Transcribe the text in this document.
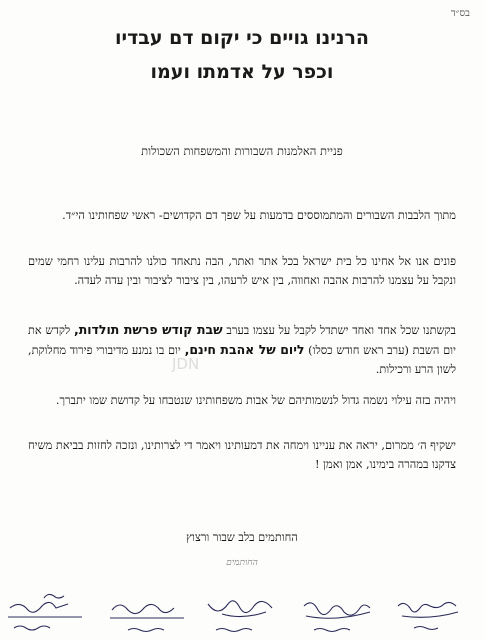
בס״ד
הרנינו גויים כי יקום דם עבדיו
וכפר על אדמתו ועמו
פניית האלמנות השבורות והמשפחות השכולות
מתוך הלבבות השבורים והמתמוססים בדמעות על שפך דם הקדושים- ראשי שפחותינו הי״ד.
פונים אנו אל אחינו כל בית ישראל בכל אתר ואתר, הבה נתאחד כולנו להרבות עלינו רחמי שמים ונקבל על עצמנו להרבות אהבה ואחווה, בין איש לרעהו, בין ציבור לציבור ובין עדה לעדה.
בקשתנו שכל אחד ואחד ישתדל לקבל על עצמו בערב שבת קודש פרשת תולדות, לקדש את יום השבת (ערב ראש חודש כסלו) ליום של אהבת חינם, יום בו נמנע מדיבורי פירוד מחלוקת, לשון הרע ורכילות.
ויהיה בזה עילוי נשמה גדול לנשמותיהם של אבות משפחותינו שנטבחו על קדושת שמו יתברך.
ישקיף ה׳ ממרום, יראה את עניינו וימחה את דמעותינו ויאמר די לצרותינו, ונזכה לחזות בביאת משיח צדקנו במהרה בימינו, אמן ואמן !
JDN
החותמים בלב שבור ורצוץ
החותמים
